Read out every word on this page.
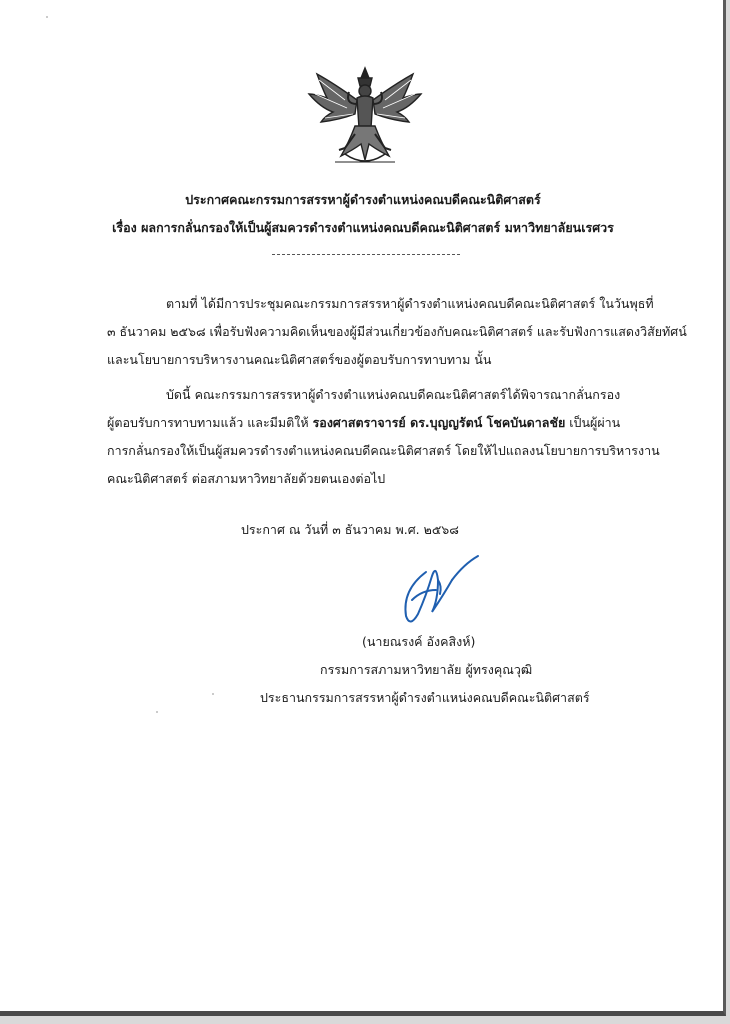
ประกาศคณะกรรมการสรรหาผู้ดำรงตำแหน่งคณบดีคณะนิติศาสตร์
เรื่อง ผลการกลั่นกรองให้เป็นผู้สมควรดำรงตำแหน่งคณบดีคณะนิติศาสตร์ มหาวิทยาลัยนเรศวร
ตามที่ ได้มีการประชุมคณะกรรมการสรรหาผู้ดำรงตำแหน่งคณบดีคณะนิติศาสตร์ ในวันพุธที่
๓ ธันวาคม ๒๕๖๘ เพื่อรับฟังความคิดเห็นของผู้มีส่วนเกี่ยวข้องกับคณะนิติศาสตร์ และรับฟังการแสดงวิสัยทัศน์
และนโยบายการบริหารงานคณะนิติศาสตร์ของผู้ตอบรับการทาบทาม นั้น
บัดนี้ คณะกรรมการสรรหาผู้ดำรงตำแหน่งคณบดีคณะนิติศาสตร์ได้พิจารณากลั่นกรอง
ผู้ตอบรับการทาบทามแล้ว และมีมติให้ รองศาสตราจารย์ ดร.บุญญรัตน์ โชคบันดาลชัย เป็นผู้ผ่าน
การกลั่นกรองให้เป็นผู้สมควรดำรงตำแหน่งคณบดีคณะนิติศาสตร์ โดยให้ไปแถลงนโยบายการบริหารงาน
คณะนิติศาสตร์ ต่อสภามหาวิทยาลัยด้วยตนเองต่อไป
ประกาศ ณ วันที่ ๓ ธันวาคม พ.ศ. ๒๕๖๘
(นายณรงค์ อังคสิงห์)
กรรมการสภามหาวิทยาลัย ผู้ทรงคุณวุฒิ
ประธานกรรมการสรรหาผู้ดำรงตำแหน่งคณบดีคณะนิติศาสตร์
